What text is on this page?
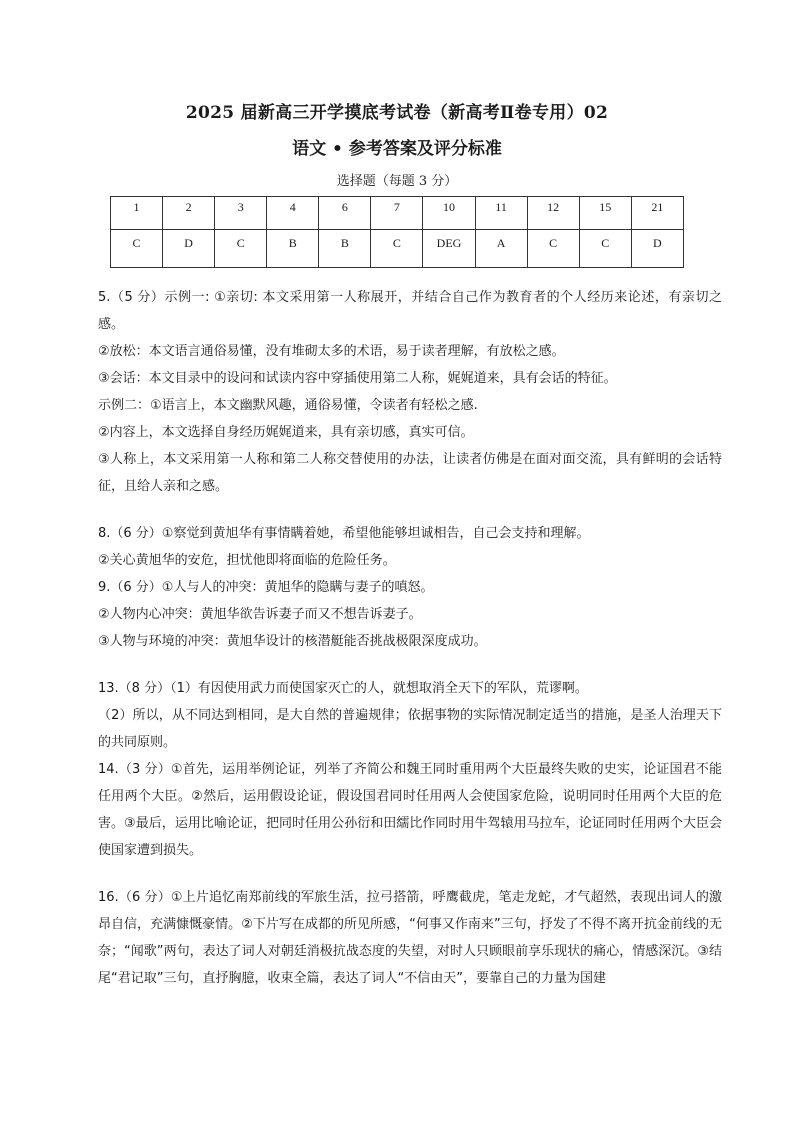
2025 届新高三开学摸底考试卷（新高考Ⅱ卷专用）02
语文 • 参考答案及评分标准
选择题（每题 3 分）
1	2	3	4	6	7	10	11	12	15	21
C	D	C	B	B	C	DEG	A	C	C	D

5.（5 分）示例一: ①亲切: 本文采用第一人称展开，并结合自己作为教育者的个人经历来论述，有亲切之感。

②放松：本文语言通俗易懂，没有堆砌太多的术语，易于读者理解，有放松之感。

③会话：本文目录中的设问和试读内容中穿插使用第二人称，娓娓道来，具有会话的特征。

示例二：①语言上，本文幽默风趣，通俗易懂，令读者有轻松之感.

②内容上，本文选择自身经历娓娓道来，具有亲切感，真实可信。

③人称上，本文采用第一人称和第二人称交替使用的办法，让读者仿佛是在面对面交流，具有鲜明的会话特征，且给人亲和之感。

8.（6 分）①察觉到黄旭华有事情瞒着她，希望他能够坦诚相告，自己会支持和理解。

②关心黄旭华的安危，担忧他即将面临的危险任务。

9.（6 分）①人与人的冲突：黄旭华的隐瞒与妻子的嗔怒。

②人物内心冲突：黄旭华欲告诉妻子而又不想告诉妻子。

③人物与环境的冲突：黄旭华设计的核潜艇能否挑战极限深度成功。

13.（8 分）（1）有因使用武力而使国家灭亡的人，就想取消全天下的军队，荒谬啊。

（2）所以，从不同达到相同，是大自然的普遍规律；依据事物的实际情况制定适当的措施，是圣人治理天下的共同原则。

14.（3 分）①首先，运用举例论证，列举了齐简公和魏王同时重用两个大臣最终失败的史实，论证国君不能任用两个大臣。②然后，运用假设论证，假设国君同时任用两人会使国家危险，说明同时任用两个大臣的危害。③最后，运用比喻论证，把同时任用公孙衍和田繻比作同时用牛驾辕用马拉车，论证同时任用两个大臣会使国家遭到损失。

16.（6 分）①上片追忆南郑前线的军旅生活，拉弓搭箭，呼鹰截虎，笔走龙蛇，才气超然，表现出词人的激昂自信，充满慷慨豪情。②下片写在成都的所见所感，“何事又作南来”三句，抒发了不得不离开抗金前线的无奈；“闻歌”两句，表达了词人对朝廷消极抗战态度的失望，对时人只顾眼前享乐现状的痛心，情感深沉。③结尾“君记取”三句，直抒胸臆，收束全篇，表达了词人“不信由天”，要靠自己的力量为国建
